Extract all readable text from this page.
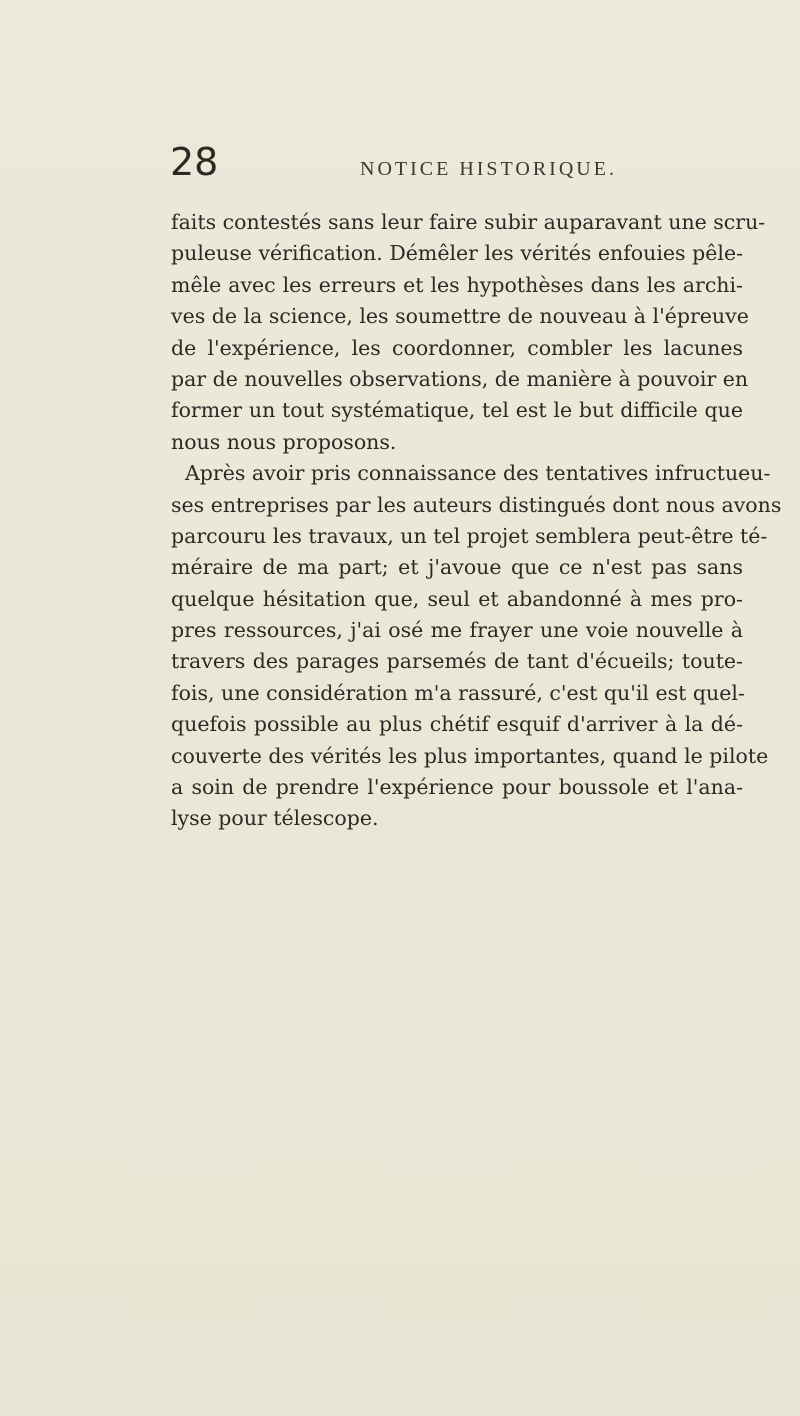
28	NOTICE HISTORIQUE.
faits contestés sans leur faire subir auparavant une scru-
puleuse vérification. Démêler les vérités enfouies pêle-
mêle avec les erreurs et les hypothèses dans les archi-
ves de la science, les soumettre de nouveau à l'épreuve
de l'expérience, les coordonner, combler les lacunes
par de nouvelles observations, de manière à pouvoir en
former un tout systématique, tel est le but difficile que
nous nous proposons.
Après avoir pris connaissance des tentatives infructueu-
ses entreprises par les auteurs distingués dont nous avons
parcouru les travaux, un tel projet semblera peut-être té-
méraire de ma part; et j'avoue que ce n'est pas sans
quelque hésitation que, seul et abandonné à mes pro-
pres ressources, j'ai osé me frayer une voie nouvelle à
travers des parages parsemés de tant d'écueils; toute-
fois, une considération m'a rassuré, c'est qu'il est quel-
quefois possible au plus chétif esquif d'arriver à la dé-
couverte des vérités les plus importantes, quand le pilote
a soin de prendre l'expérience pour boussole et l'ana-
lyse pour télescope.
